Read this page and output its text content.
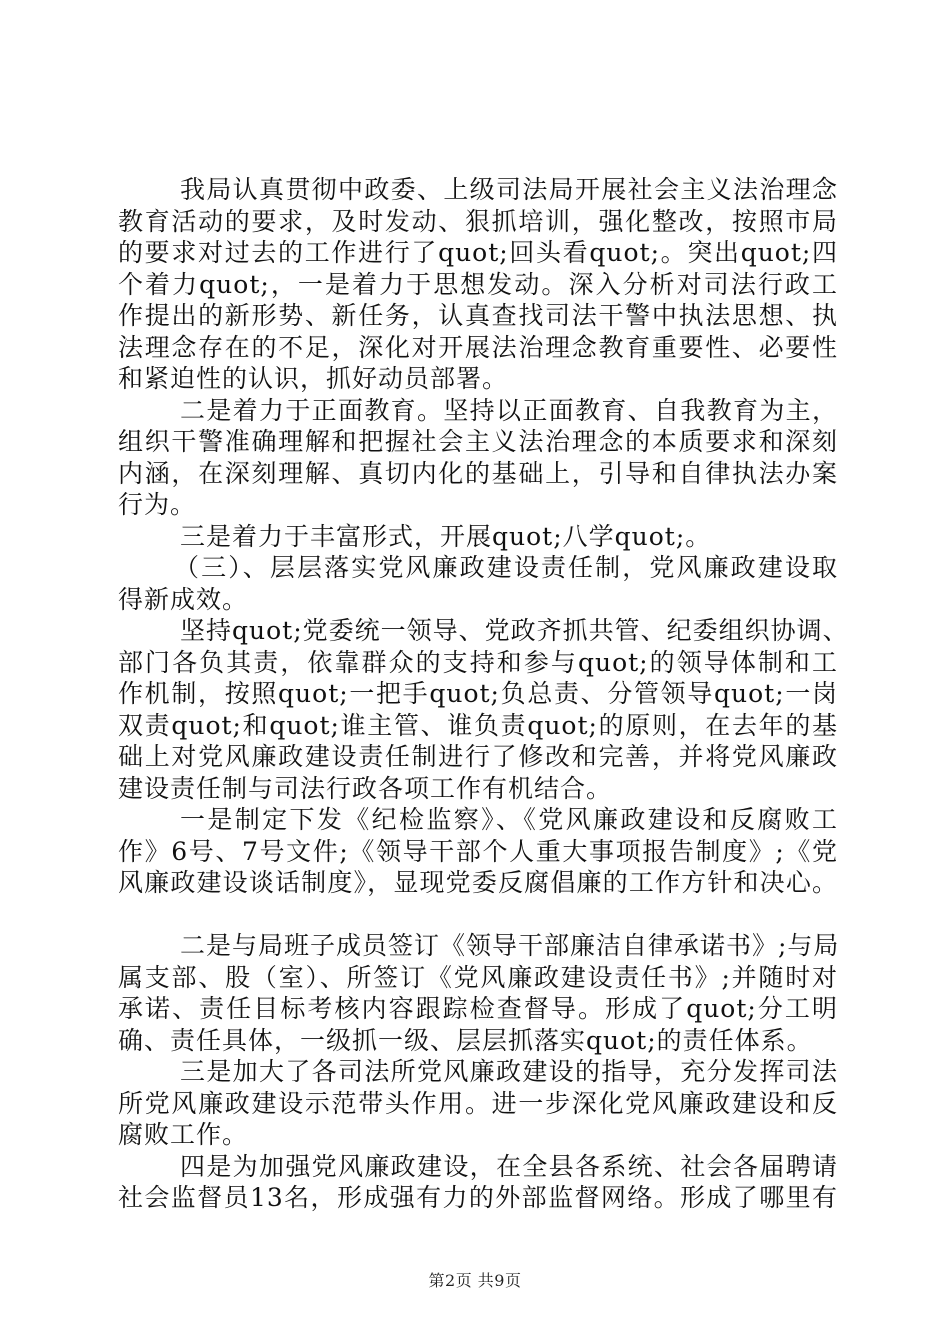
我局认真贯彻中政委、上级司法局开展社会主义法治理念
教育活动的要求，及时发动、狠抓培训，强化整改，按照市局
的要求对过去的工作进行了quot;回头看quot;。突出quot;四
个着力quot;，一是着力于思想发动。深入分析对司法行政工
作提出的新形势、新任务，认真查找司法干警中执法思想、执
法理念存在的不足，深化对开展法治理念教育重要性、必要性
和紧迫性的认识，抓好动员部署。
二是着力于正面教育。坚持以正面教育、自我教育为主，
组织干警准确理解和把握社会主义法治理念的本质要求和深刻
内涵，在深刻理解、真切内化的基础上，引导和自律执法办案
行为。
三是着力于丰富形式，开展quot;八学quot;。
（三）、层层落实党风廉政建设责任制，党风廉政建设取
得新成效。
坚持quot;党委统一领导、党政齐抓共管、纪委组织协调、
部门各负其责，依靠群众的支持和参与quot;的领导体制和工
作机制，按照quot;一把手quot;负总责、分管领导quot;一岗
双责quot;和quot;谁主管、谁负责quot;的原则，在去年的基
础上对党风廉政建设责任制进行了修改和完善，并将党风廉政
建设责任制与司法行政各项工作有机结合。
一是制定下发《纪检监察》、《党风廉政建设和反腐败工
作》6号、7号文件;《领导干部个人重大事项报告制度》;《党
风廉政建设谈话制度》，显现党委反腐倡廉的工作方针和决心。
二是与局班子成员签订《领导干部廉洁自律承诺书》;与局
属支部、股（室）、所签订《党风廉政建设责任书》;并随时对
承诺、责任目标考核内容跟踪检查督导。形成了quot;分工明
确、责任具体，一级抓一级、层层抓落实quot;的责任体系。
三是加大了各司法所党风廉政建设的指导，充分发挥司法
所党风廉政建设示范带头作用。进一步深化党风廉政建设和反
腐败工作。
四是为加强党风廉政建设，在全县各系统、社会各届聘请
社会监督员13名，形成强有力的外部监督网络。形成了哪里有
第2页 共9页
